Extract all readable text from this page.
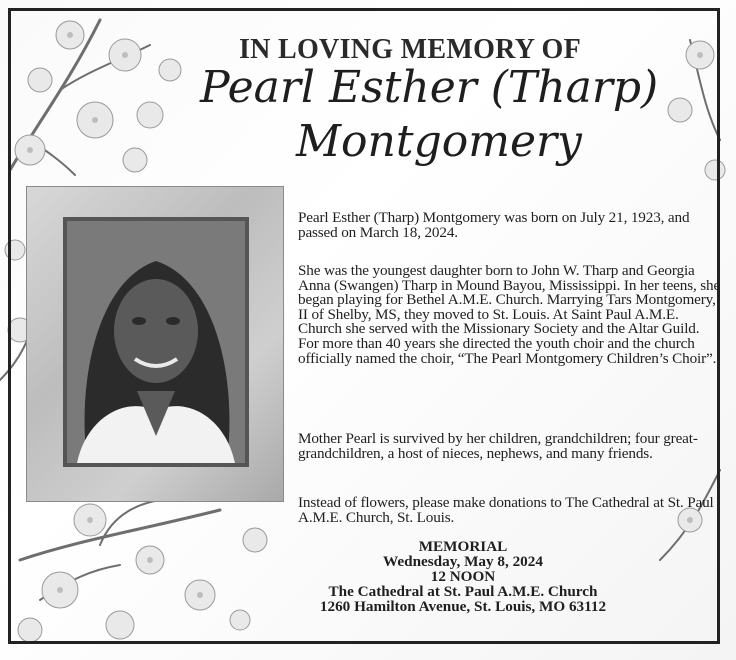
IN LOVING MEMORY OF
Pearl Esther (Tharp)
Montgomery

Pearl Esther (Tharp) Montgomery was born on July 21, 1923, and passed on March 18, 2024.

She was the youngest daughter born to John W. Tharp and Georgia Anna (Swangen) Tharp in Mound Bayou, Mississippi. In her teens, she began playing for Bethel A.M.E. Church. Marrying Tars Montgomery, II of Shelby, MS, they moved to St. Louis. At Saint Paul A.M.E. Church she served with the Missionary Society and the Altar Guild. For more than 40 years she directed the youth choir and the church officially named the choir, “The Pearl Montgomery Children’s Choir”.

Mother Pearl is survived by her children, grandchildren; four great-grandchildren, a host of nieces, nephews, and many friends.

Instead of flowers, please make donations to The Cathedral at St. Paul A.M.E. Church, St. Louis.

MEMORIAL
Wednesday, May 8, 2024
12 NOON
The Cathedral at St. Paul A.M.E. Church
1260 Hamilton Avenue, St. Louis, MO 63112
